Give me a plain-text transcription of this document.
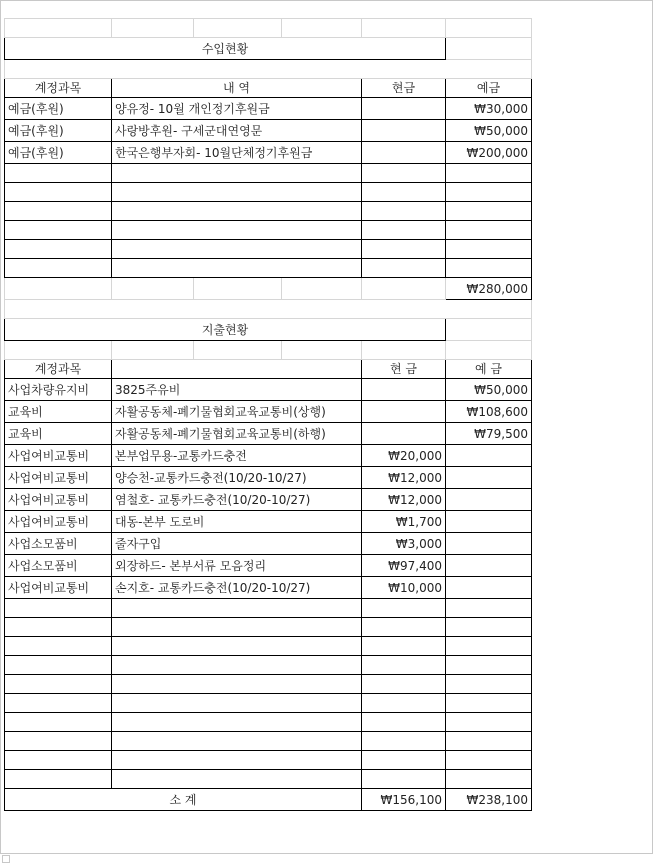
수입현황					

계정과목	내 역			현금	예금
예금(후원)	양유정- 10월 개인정기후원금				₩30,000
예금(후원)	사랑방후원- 구세군대연영문				₩50,000
예금(후원)	한국은행부자회- 10월단체정기후원금				₩200,000

					₩280,000

지출현황					

계정과목				현 금	예 금
사업차량유지비	3825주유비				₩50,000
교육비	자활공동체-폐기물협회교육교통비(상행)				₩108,600
교육비	자활공동체-폐기물협회교육교통비(하행)				₩79,500
사업여비교통비	본부업무용-교통카드충전			₩20,000	
사업여비교통비	양승천-교통카드충전(10/20-10/27)			₩12,000	
사업여비교통비	염철호- 교통카드충전(10/20-10/27)			₩12,000	
사업여비교통비	대동-본부 도로비			₩1,700	
사업소모품비	줄자구입			₩3,000	
사업소모품비	외장하드- 본부서류 모음정리			₩97,400	
사업여비교통비	손지호- 교통카드충전(10/20-10/27)			₩10,000	

소 계				₩156,100	₩238,100
